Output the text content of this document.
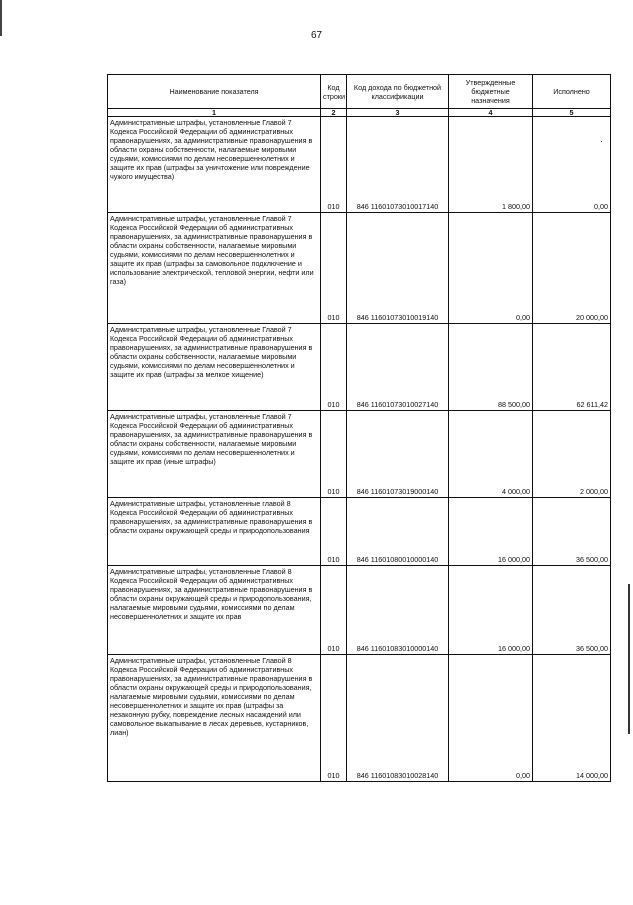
67
Наименование показателя	Код строки	Код дохода по бюджетной классификации	Утвержденные бюджетные назначения	Исполнено
1	2	3	4	5
Административные штрафы, установленные Главой 7 Кодекса Российской Федерации об административных правонарушениях, за административные правонарушения в области охраны собственности, налагаемые мировыми судьями, комиссиями по делам несовершеннолетних и защите их прав (штрафы за уничтожение или повреждение чужого имущества)	010	846 11601073010017140	1 800,00	0,00
Административные штрафы, установленные Главой 7 Кодекса Российской Федерации об административных правонарушениях, за административные правонарушения в области охраны собственности, налагаемые мировыми судьями, комиссиями по делам несовершеннолетних и защите их прав (штрафы за самовольное подключение и использование электрической, тепловой энергии, нефти или газа)	010	846 11601073010019140	0,00	20 000,00
Административные штрафы, установленные Главой 7 Кодекса Российской Федерации об административных правонарушениях, за административные правонарушения в области охраны собственности, налагаемые мировыми судьями, комиссиями по делам несовершеннолетних и защите их прав (штрафы за мелкое хищение)	010	846 11601073010027140	88 500,00	62 611,42
Административные штрафы, установленные Главой 7 Кодекса Российской Федерации об административных правонарушениях, за административные правонарушения в области охраны собственности, налагаемые мировыми судьями, комиссиями по делам несовершеннолетних и защите их прав (иные штрафы)	010	846 11601073019000140	4 000,00	2 000,00
Административные штрафы, установленные главой 8 Кодекса Российской Федерации об административных правонарушениях, за административные правонарушения в области охраны окружающей среды и природопользования	010	846 11601080010000140	16 000,00	36 500,00
Административные штрафы, установленные Главой 8 Кодекса Российской Федерации об административных правонарушениях, за административные правонарушения в области охраны окружающей среды и природопользования, налагаемые мировыми судьями, комиссиями по делам несовершеннолетних и защите их прав	010	846 11601083010000140	16 000,00	36 500,00
Административные штрафы, установленные Главой 8 Кодекса Российской Федерации об административных правонарушениях, за административные правонарушения в области охраны окружающей среды и природопользования, налагаемые мировыми судьями, комиссиями по делам несовершеннолетних и защите их прав (штрафы за незаконную рубку, повреждение лесных насаждений или самовольное выкапывание в лесах деревьев, кустарников, лиан)	010	846 11601083010028140	0,00	14 000,00
·
